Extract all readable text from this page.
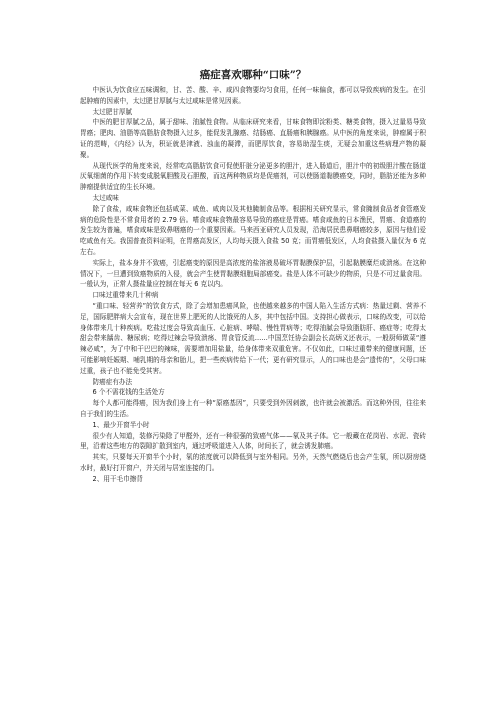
癌症喜欢哪种“口味”？

中医认为饮食应五味调和，甘、苦、酸、辛、咸四食物要均匀食用，任何一味偏食，都可以导致疾病的发生。在引起肿瘤的因素中，太过肥甘厚腻与太过咸味是常见因素。

太过肥甘厚腻

中医的肥甘厚腻之品，属于甜味、油腻性食物。从临床研究来看，甘味食物即淀粉类、糖类食物，摄入过量易导致胃癌；肥肉、油脂等高脂肪食物摄入过多，能促发乳腺癌、结肠癌、直肠癌和胰腺癌。从中医的角度来说，肿瘤属于积证的范畴，《内经》认为，积证就是津液、浊血的凝滞，而肥厚饮食，容易助湿生痰，无疑会加重这些病理产物的凝聚。

从现代医学的角度来说，经常吃高脂肪饮食可促使肝脏分泌更多的胆汁，进入肠道后，胆汁中的初级胆汁酸在肠道厌氧细菌的作用下转变成脱氧胆酸及石胆酸，而这两种物质均是促癌剂，可以使肠道黏膜癌变，同时，脂肪还能为多种肿瘤提供适宜的生长环境。

太过咸味

除了食盐，咸味食物还包括咸菜、咸鱼、咸肉以及其他腌制食品等。根据相关研究显示，常食腌制食品者食管癌发病的危险性是不常食用者的 2.79 倍。嗜食咸味食物最容易导致的癌症是胃癌。嗜食咸鱼的日本渔民，胃癌、食道癌的发生较为普遍，嗜食咸味是致鼻咽癌的一个重要因素。马来西亚研究人员发现，沿海居民患鼻咽癌较多，原因与他们爱吃咸鱼有关。我国普查资料证明，在胃癌高发区，人均每天摄入食盐 50 克；而胃癌低发区，人均食盐摄入量仅为 6 克左右。

实际上，盐本身并不致癌，引起癌变的原因是高浓度的盐溶液易破坏胃黏膜保护层，引起黏膜糜烂或溃疡。在这种情况下，一旦遭到致癌物质的入侵，就会产生使胃黏膜细胞局部癌变。盐是人体不可缺少的物质，只是不可过量食用。一般认为，正常人摄盐量应控制在每天 6 克以内。

口味过重带来几十种病

“重口味、轻营养”的饮食方式，除了会增加患癌风险，也使越来越多的中国人陷入生活方式病：热量过剩、营养不足，国际肥胖病大会宣布，现在世界上肥死的人比饿死的人多，其中包括中国。支持担心做表示，口味的改变，可以给身体带来几十种疾病。吃盐过度会导致高血压、心脏病、哮喘、慢性胃病等；吃得油腻会导致脂肪肝、癌症等；吃得太甜会带来龋齿、糖尿病；吃得过辣会导致溃疡、胃食管反流……中国烹饪协会副会长高炳义还表示，一般厨师做菜“遵辣必咸”，为了中和干巴巴的辣味，需要增加用盐量，给身体带来双重危害。不仅如此，口味过重带来的健康问题，还可能影响妊娠期、哺乳期的母亲和胎儿，把一些疾病传给下一代；更有研究显示，人的口味也是会“遗传的”，父母口味过重，孩子也不能免受其害。

防癌症有办法

6 个不需花钱的生活处方

每个人都可能得癌，因为我们身上有一种“原癌基因”，只要受到外因刺激，也许就会被激活。而这种外因，往往来自于我们的生活。

1、最少开窗半小时

很少有人知道，装修污染除了甲醛外，还有一种很强的致癌气体——氡及其子体。它一般藏在花岗岩、水泥、瓷砖里，沿着这些地方的裂隙扩散到室内，通过呼吸道进入人体，时间长了，就会诱发肺癌。

其实，只要每天开窗半个小时，氡的浓度就可以降低到与室外相同。另外，天然气燃烧后也会产生氡，所以厨房烧水时，最好打开窗户，并关闭与居室连接的门。

2、用干毛巾擦背
